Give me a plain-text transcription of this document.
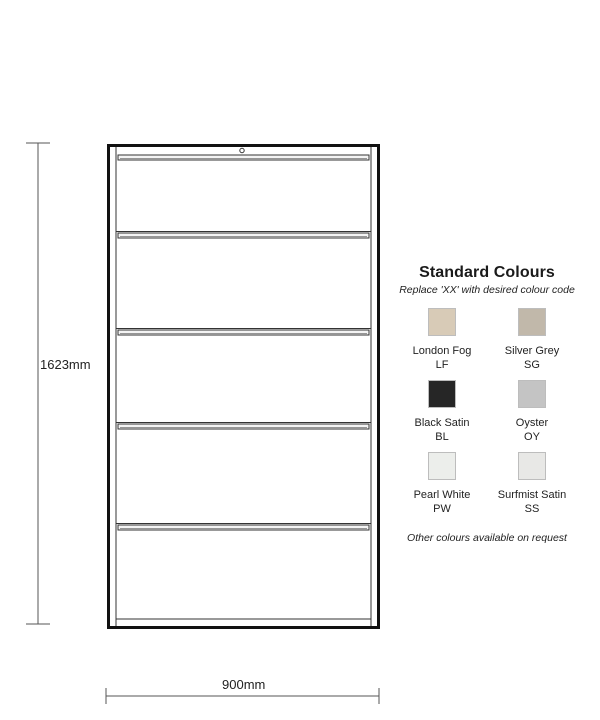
1623mm
900mm
Standard Colours
Replace 'XX' with desired colour code
London Fog
LF
Silver Grey
SG
Black Satin
BL
Oyster
OY
Pearl White
PW
Surfmist Satin
SS
Other colours available on request
